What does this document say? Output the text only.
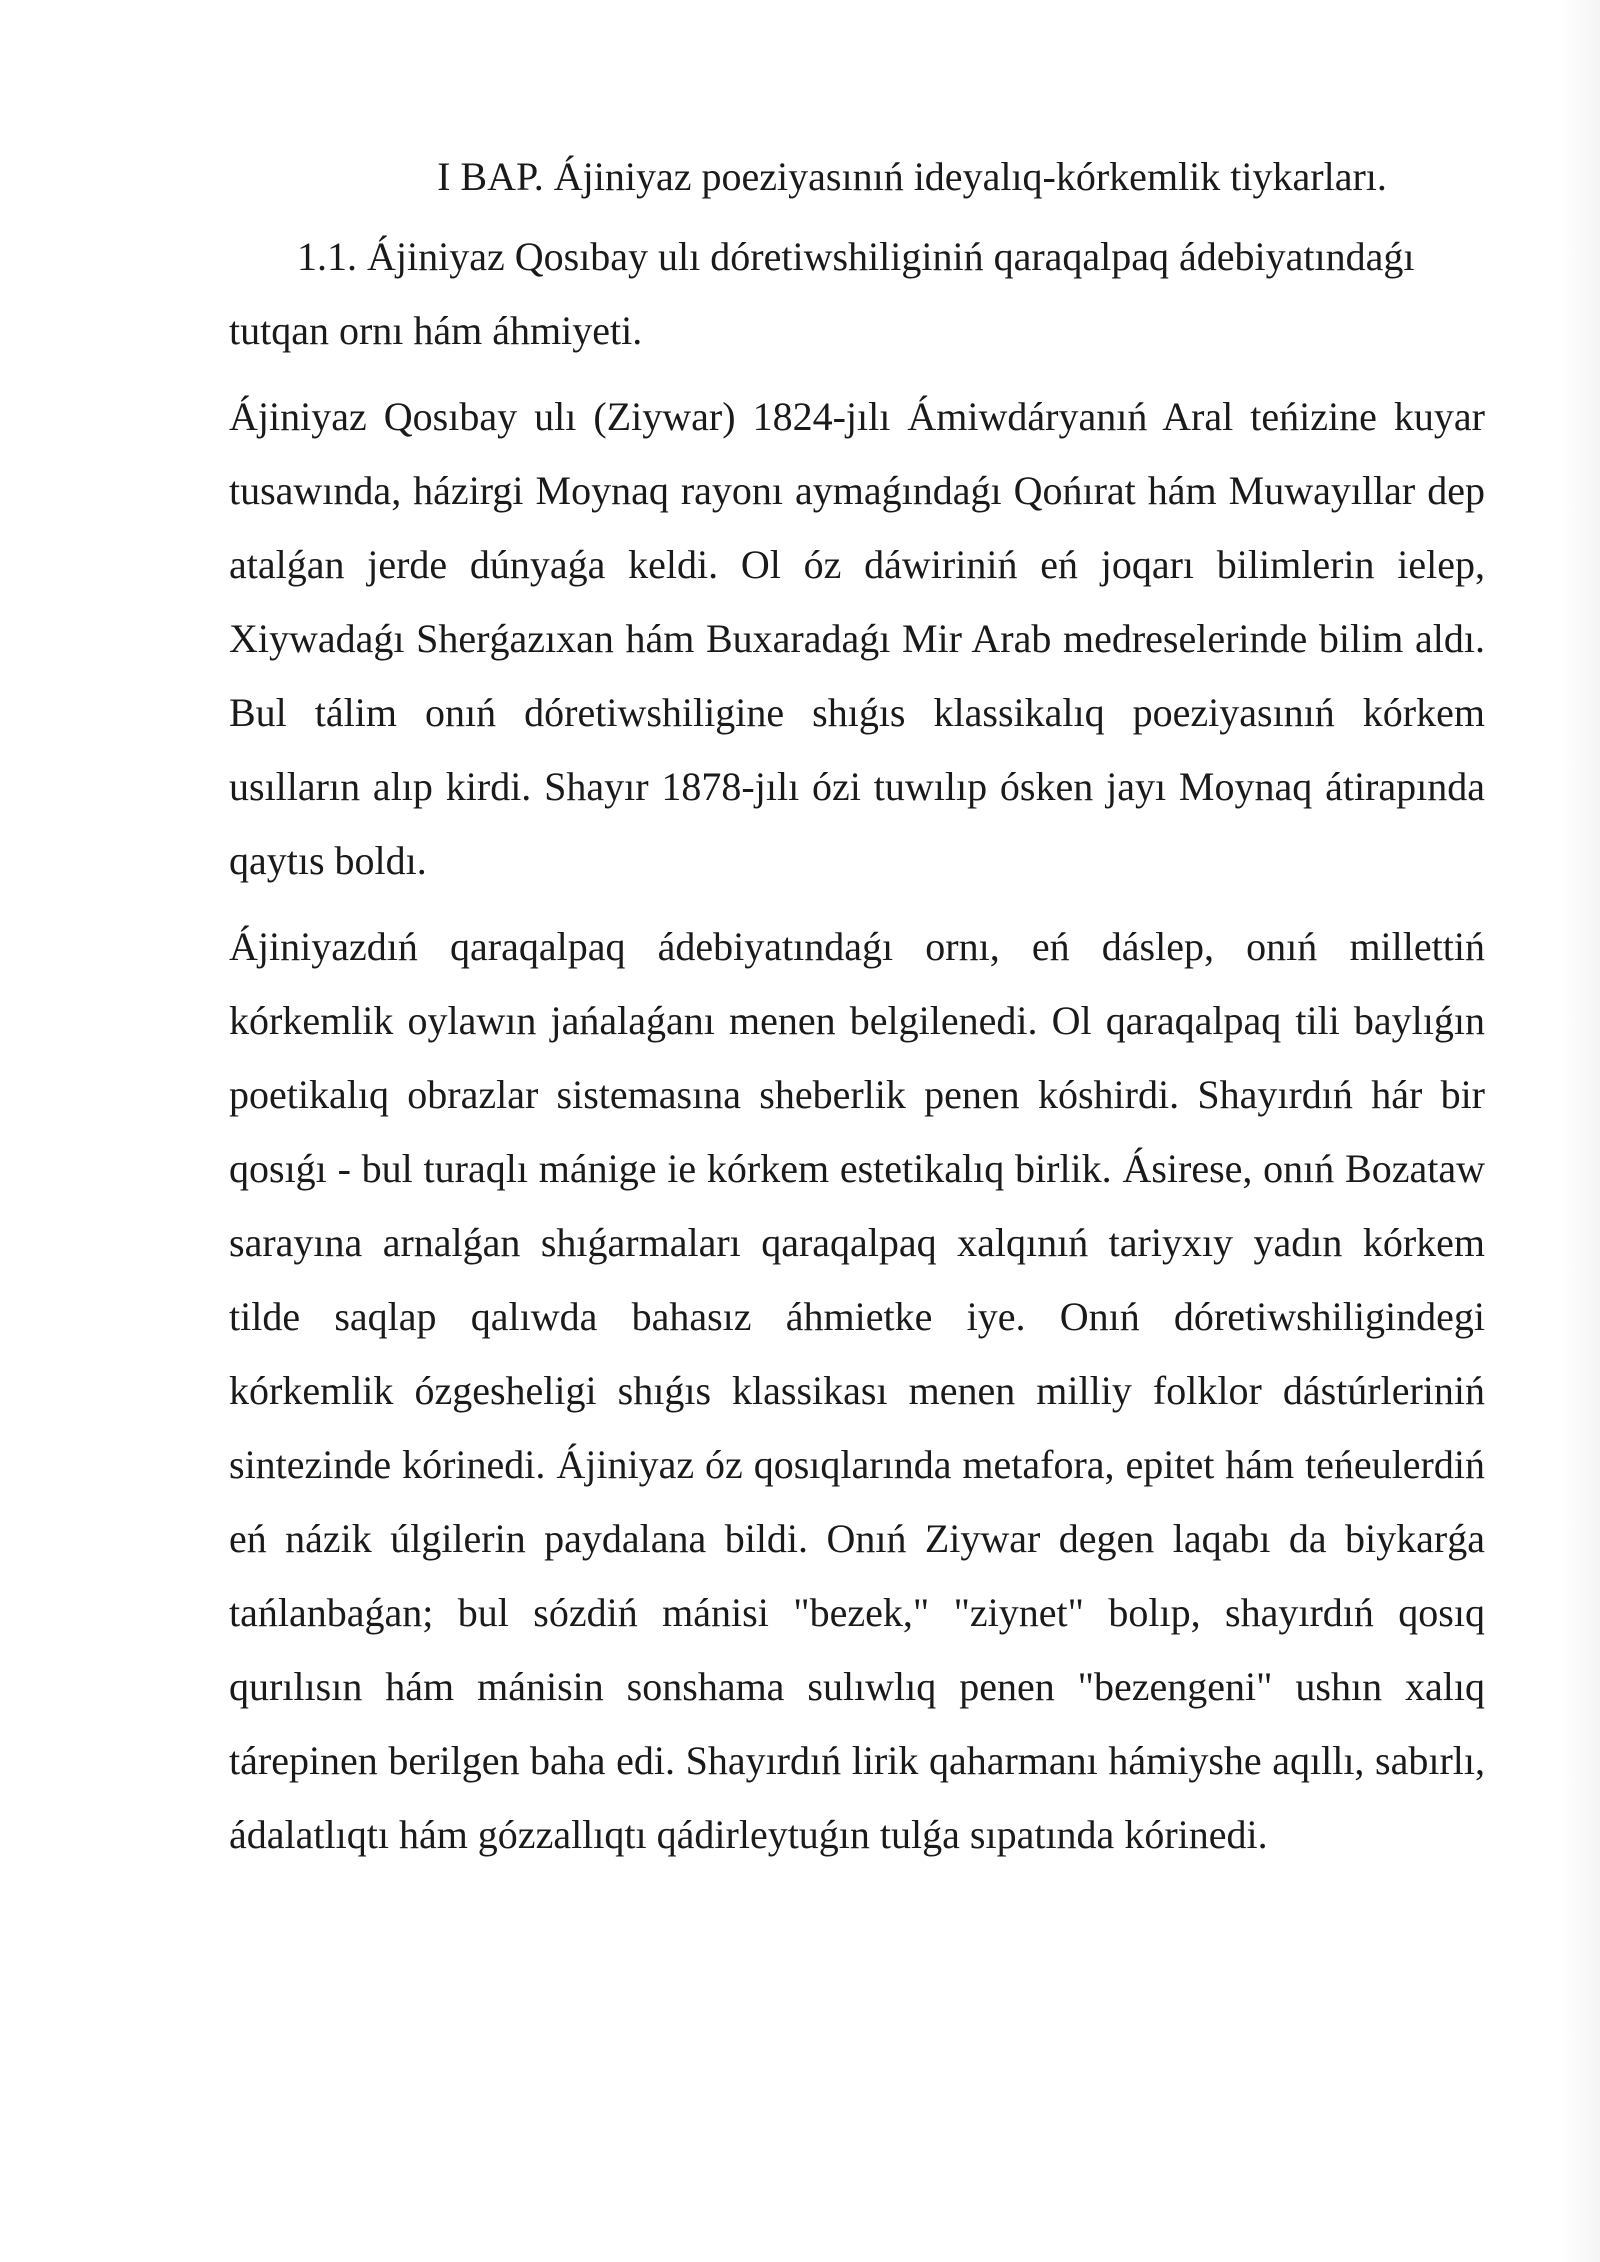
I BAP. Ájiniyaz poeziyasınıń ideyalıq-kórkemlik tiykarları.
1.1. Ájiniyaz Qosıbay ulı dóretiwshiliginiń qaraqalpaq ádebiyatındaǵı tutqan ornı hám áhmiyeti.

Ájiniyaz Qosıbay ulı (Ziywar) 1824-jılı Ámiwdáryanıń Aral teńizine kuyar tusawında, házirgi Moynaq rayonı aymaǵındaǵı Qońırat hám Muwayıllar dep atalǵan jerde dúnyaǵa keldi. Ol óz dáwiriniń eń joqarı bilimlerin ielep, Xiywadaǵı Sherǵazıxan hám Buxaradaǵı Mir Arab medreselerinde bilim aldı. Bul tálim onıń dóretiwshiligine shıǵıs klassikalıq poeziyasınıń kórkem usılların alıp kirdi. Shayır 1878-jılı ózi tuwılıp ósken jayı Moynaq átirapında qaytıs boldı.

Ájiniyazdıń qaraqalpaq ádebiyatındaǵı ornı, eń dáslep, onıń millettiń kórkemlik oylawın jańalaǵanı menen belgilenedi. Ol qaraqalpaq tili baylıǵın poetikalıq obrazlar sistemasına sheberlik penen kóshirdi. Shayırdıń hár bir qosıǵı - bul turaqlı mánige ie kórkem estetikalıq birlik. Ásirese, onıń Bozataw sarayına arnalǵan shıǵarmaları qaraqalpaq xalqınıń tariyxıy yadın kórkem tilde saqlap qalıwda bahasız áhmietke iye. Onıń dóretiwshiligindegi kórkemlik ózgesheligi shıǵıs klassikası menen milliy folklor dástúrleriniń sintezinde kórinedi. Ájiniyaz óz qosıqlarında metafora, epitet hám teńeulerdiń eń názik úlgilerin paydalana bildi. Onıń Ziywar degen laqabı da biykarǵa tańlanbaǵan; bul sózdiń mánisi "bezek," "ziynet" bolıp, shayırdıń qosıq qurılısın hám mánisin sonshama sulıwlıq penen "bezengeni" ushın xalıq tárepinen berilgen baha edi. Shayırdıń lirik qaharmanı hámiyshe aqıllı, sabırlı, ádalatlıqtı hám gózzallıqtı qádirleytuǵın tulǵa sıpatında kórinedi.
